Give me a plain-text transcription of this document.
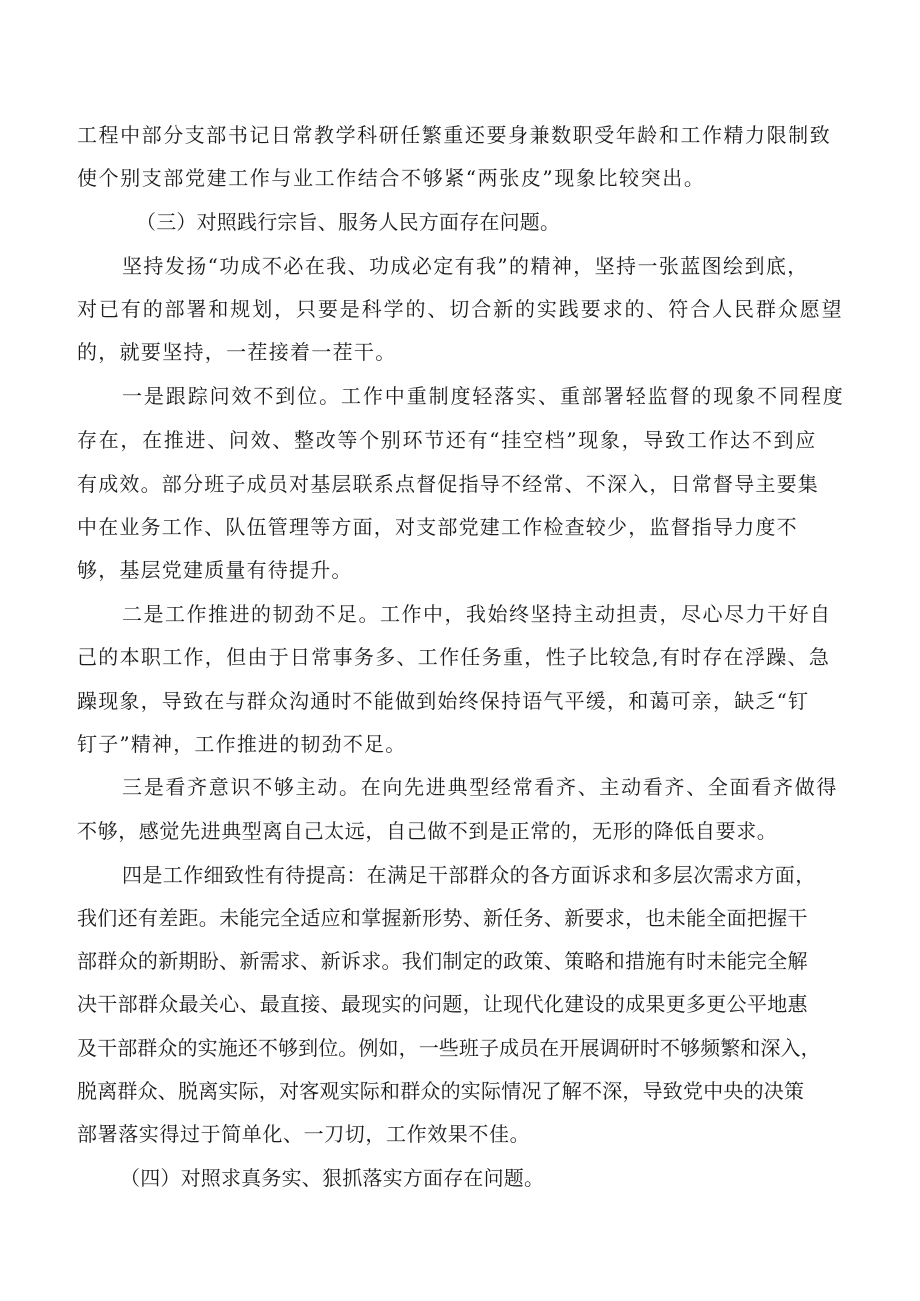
工程中部分支部书记日常教学科研任繁重还要身兼数职受年龄和工作精力限制致
使个别支部党建工作与业工作结合不够紧“两张皮”现象比较突出。
（三）对照践行宗旨、服务人民方面存在问题。
坚持发扬“功成不必在我、功成必定有我”的精神，坚持一张蓝图绘到底，
对已有的部署和规划，只要是科学的、切合新的实践要求的、符合人民群众愿望
的，就要坚持，一茬接着一茬干。
一是跟踪问效不到位。工作中重制度轻落实、重部署轻监督的现象不同程度
存在，在推进、问效、整改等个别环节还有“挂空档”现象，导致工作达不到应
有成效。部分班子成员对基层联系点督促指导不经常、不深入，日常督导主要集
中在业务工作、队伍管理等方面，对支部党建工作检查较少，监督指导力度不
够，基层党建质量有待提升。
二是工作推进的韧劲不足。工作中，我始终坚持主动担责，尽心尽力干好自
己的本职工作，但由于日常事务多、工作任务重，性子比较急,有时存在浮躁、急
躁现象，导致在与群众沟通时不能做到始终保持语气平缓，和蔼可亲，缺乏“钉
钉子”精神，工作推进的韧劲不足。
三是看齐意识不够主动。在向先进典型经常看齐、主动看齐、全面看齐做得
不够，感觉先进典型离自己太远，自己做不到是正常的，无形的降低自要求。
四是工作细致性有待提高：在满足干部群众的各方面诉求和多层次需求方面，
我们还有差距。未能完全适应和掌握新形势、新任务、新要求，也未能全面把握干
部群众的新期盼、新需求、新诉求。我们制定的政策、策略和措施有时未能完全解
决干部群众最关心、最直接、最现实的问题，让现代化建设的成果更多更公平地惠
及干部群众的实施还不够到位。例如，一些班子成员在开展调研时不够频繁和深入，
脱离群众、脱离实际，对客观实际和群众的实际情况了解不深，导致党中央的决策
部署落实得过于简单化、一刀切，工作效果不佳。
（四）对照求真务实、狠抓落实方面存在问题。
